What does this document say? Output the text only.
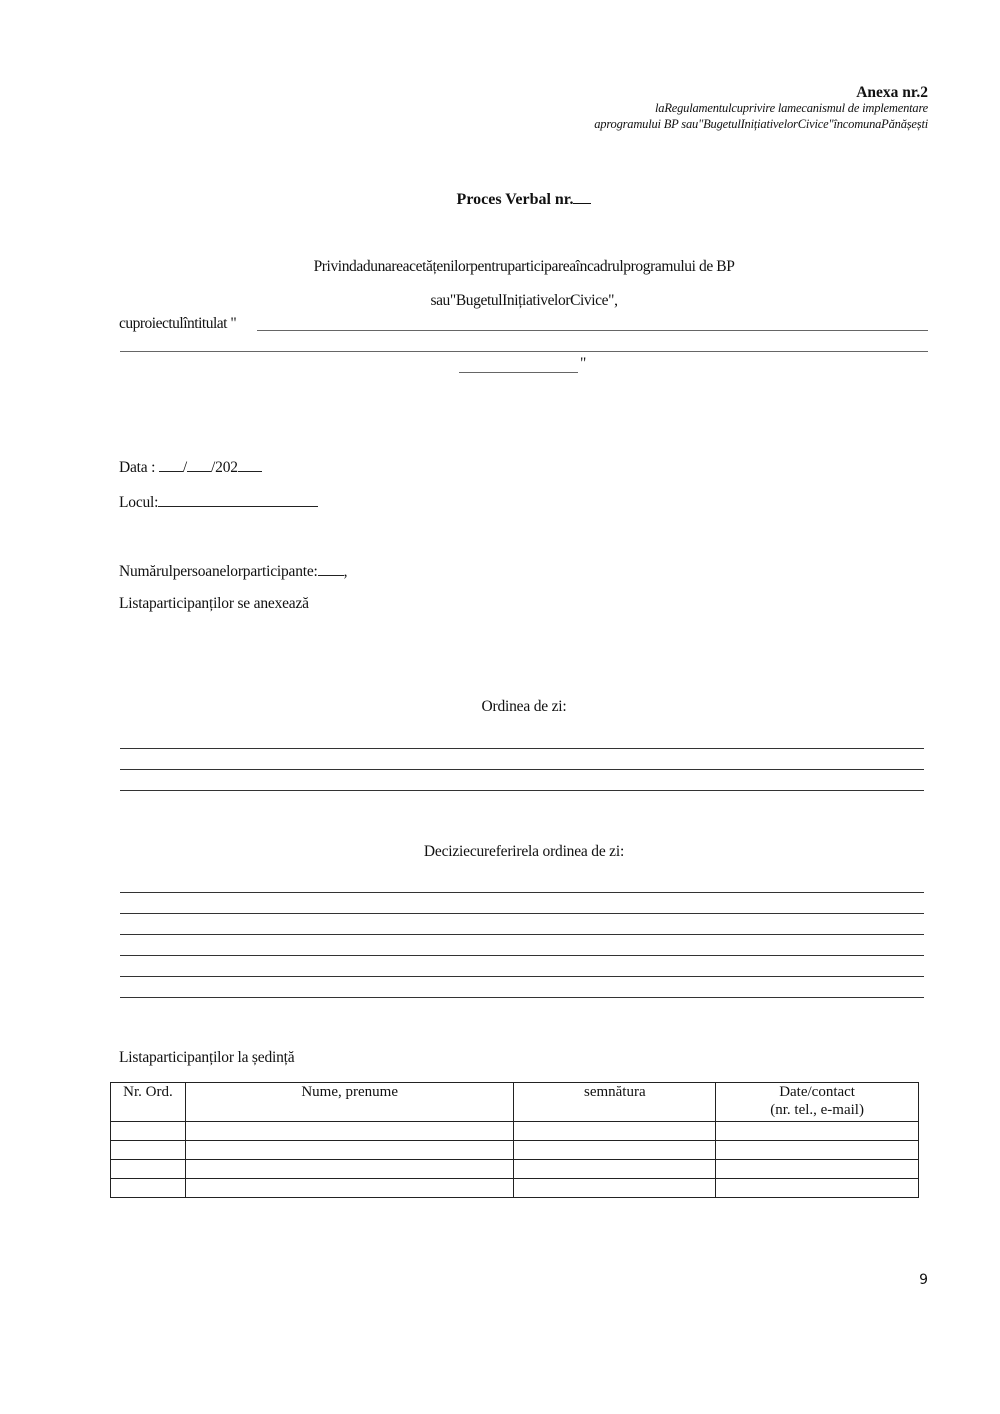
Anexa nr.2
laRegulamentulcuprivire lamecanismul de implementare
aprogramului BP sau"BugetulInițiativelorCivice"încomunaPănășești
Proces Verbal nr.
Privindadunareacetățenilorpentruparticipareaîncadrulprogramului de BP
sau"BugetulInițiativelorCivice",
cuproiectulîntitulat "
"
Data : / /202
Locul:
Numărulpersoanelorparticipante: ,
Listaparticipanților se anexează
Ordinea de zi:
Deciziecureferirela ordinea de zi:
Listaparticipanților la ședință
Nr. Ord.	Nume, prenume	semnătura	Date/contact
(nr. tel., e-mail)

9
